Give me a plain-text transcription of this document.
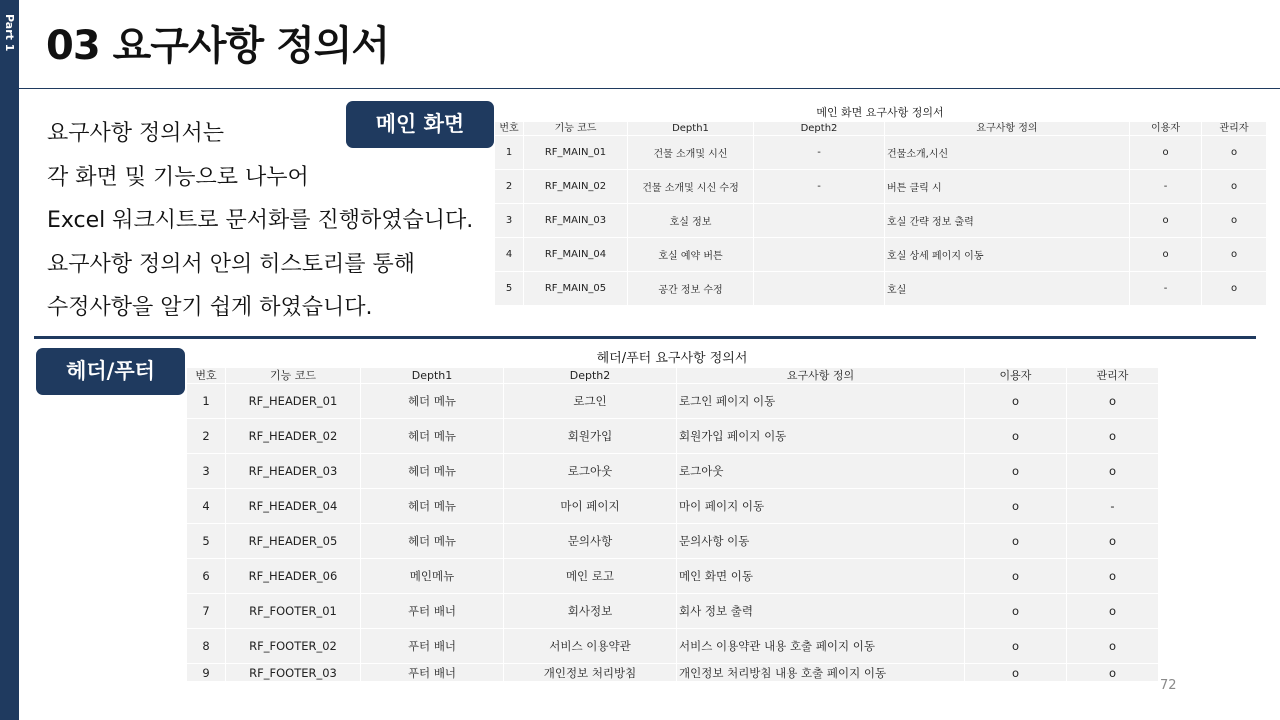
Part 1 03 요구사항 정의서
요구사항 정의서는
각 화면 및 기능으로 나누어
Excel 워크시트로 문서화를 진행하였습니다.
요구사항 정의서 안의 히스토리를 통해
수정사항을 알기 쉽게 하였습니다.
메인 화면	메인 화면 요구사항 정의서
번호	기능 코드	Depth1	Depth2	요구사항 정의	이용자	관리자
1	RF_MAIN_01	건물 소개및 시신	-	건물소개,시신	o	o
2	RF_MAIN_02	건물 소개및 시신 수정	-	버튼 클릭 시	-	o
3	RF_MAIN_03	호실 정보		호실 간략 정보 출력	o	o
4	RF_MAIN_04	호실 예약 버튼		호실 상세 페이지 이동	o	o
5	RF_MAIN_05	공간 정보 수정		호실	-	o
헤더/푸터
헤더/푸터 요구사항 정의서
번호	기능 코드	Depth1	Depth2	요구사항 정의	이용자	관리자
1	RF_HEADER_01	헤더 메뉴	로그인	로그인 페이지 이동	o	o
2	RF_HEADER_02	헤더 메뉴	회원가입	회원가입 페이지 이동	o	o
3	RF_HEADER_03	헤더 메뉴	로그아웃	로그아웃	o	o
4	RF_HEADER_04	헤더 메뉴	마이 페이지	마이 페이지 이동	o	-
5	RF_HEADER_05	헤더 메뉴	문의사항	문의사항 이동	o	o
6	RF_HEADER_06	메인메뉴	메인 로고	메인 화면 이동	o	o
7	RF_FOOTER_01	푸터 배너	회사정보	회사 정보 출력	o	o
8	RF_FOOTER_02	푸터 배너	서비스 이용약관	서비스 이용약관 내용 호출 페이지 이동	o	o
9	RF_FOOTER_03	푸터 배너	개인정보 처리방침	개인정보 처리방침 내용 호출 페이지 이동	o	o
72
